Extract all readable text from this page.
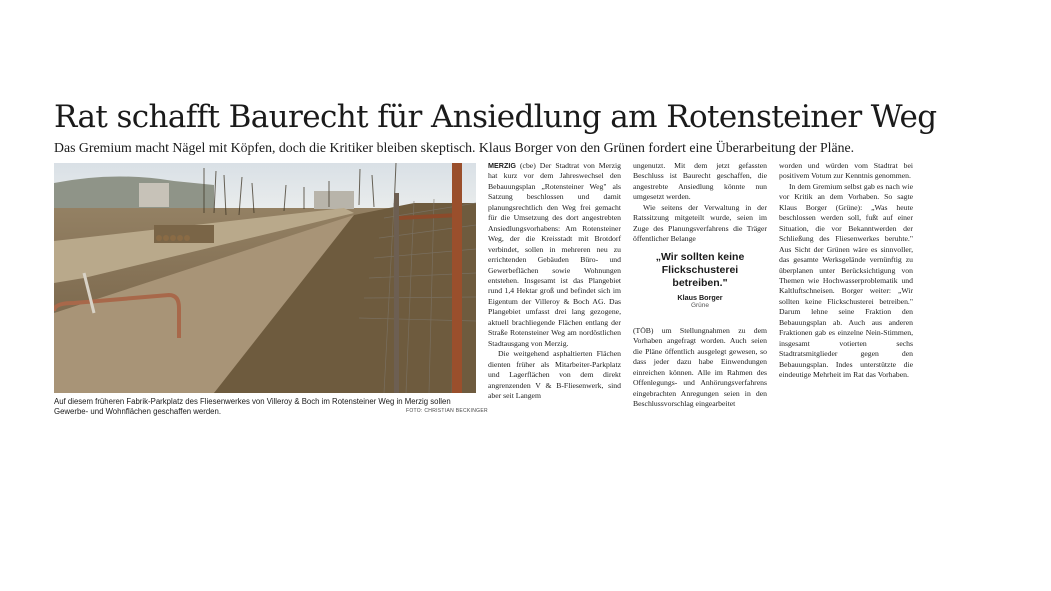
Rat schafft Baurecht für Ansiedlung am Rotensteiner Weg

Das Gremium macht Nägel mit Köpfen, doch die Kritiker bleiben skeptisch. Klaus Borger von den Grünen fordert eine Überarbeitung der Pläne.

Auf diesem früheren Fabrik-Parkplatz des Fliesenwerkes von Villeroy & Boch im Rotensteiner Weg in Merzig sollen Gewerbe- und Wohnflächen geschaffen werden.	FOTO: CHRISTIAN BECKINGER

MERZIG (cbe) Der Stadtrat von Merzig hat kurz vor dem Jahreswechsel den Bebauungsplan „Rotensteiner Weg" als Satzung beschlossen und damit planungsrechtlich den Weg frei gemacht für die Umsetzung des dort angestrebten Ansiedlungsvorhabens: Am Rotensteiner Weg, der die Kreisstadt mit Brotdorf verbindet, sollen in mehreren neu zu errichtenden Gebäuden Büro- und Gewerbeflächen sowie Wohnungen entstehen. Insgesamt ist das Plangebiet rund 1,4 Hektar groß und befindet sich im Eigentum der Villeroy & Boch AG. Das Plangebiet umfasst drei lang gezogene, aktuell brachliegende Flächen entlang der Straße Rotensteiner Weg am nordöstlichen Stadtausgang von Merzig.

Die weitgehend asphaltierten Flächen dienten früher als Mitarbeiter-Parkplatz und Lagerflächen von dem direkt angrenzenden V & B-Fliesenwerk, sind aber seit Langem

ungenutzt. Mit dem jetzt gefassten Beschluss ist Baurecht geschaffen, die angestrebte Ansiedlung könnte nun umgesetzt werden.

Wie seitens der Verwaltung in der Ratssitzung mitgeteilt wurde, seien im Zuge des Planungsverfahrens die Träger öffentlicher Belange

„Wir sollten keine Flickschusterei betreiben."

Klaus Borger
Grüne

(TÖB) um Stellungnahmen zu dem Vorhaben angefragt worden. Auch seien die Pläne öffentlich ausgelegt gewesen, so dass jeder dazu habe Einwendungen einreichen können. Alle im Rahmen des Offenlegungs- und Anhörungsverfahrens eingebrachten Anregungen seien in den Beschlussvorschlag eingearbeitet

worden und würden vom Stadtrat bei positivem Votum zur Kenntnis genommen.

In dem Gremium selbst gab es nach wie vor Kritik an dem Vorhaben. So sagte Klaus Borger (Grüne): „Was heute beschlossen werden soll, fußt auf einer Situation, die vor Bekanntwerden der Schließung des Fliesenwerkes beruhte." Aus Sicht der Grünen wäre es sinnvoller, das gesamte Werksgelände vernünftig zu überplanen unter Berücksichtigung von Themen wie Hochwasserproblematik und Kaltluftschneisen. Borger weiter: „Wir sollten keine Flickschusterei betreiben." Darum lehne seine Fraktion den Bebauungsplan ab. Auch aus anderen Fraktionen gab es einzelne Nein-Stimmen, insgesamt votierten sechs Stadtratsmitglieder gegen den Bebauungsplan. Indes unterstützte die eindeutige Mehrheit im Rat das Vorhaben.
